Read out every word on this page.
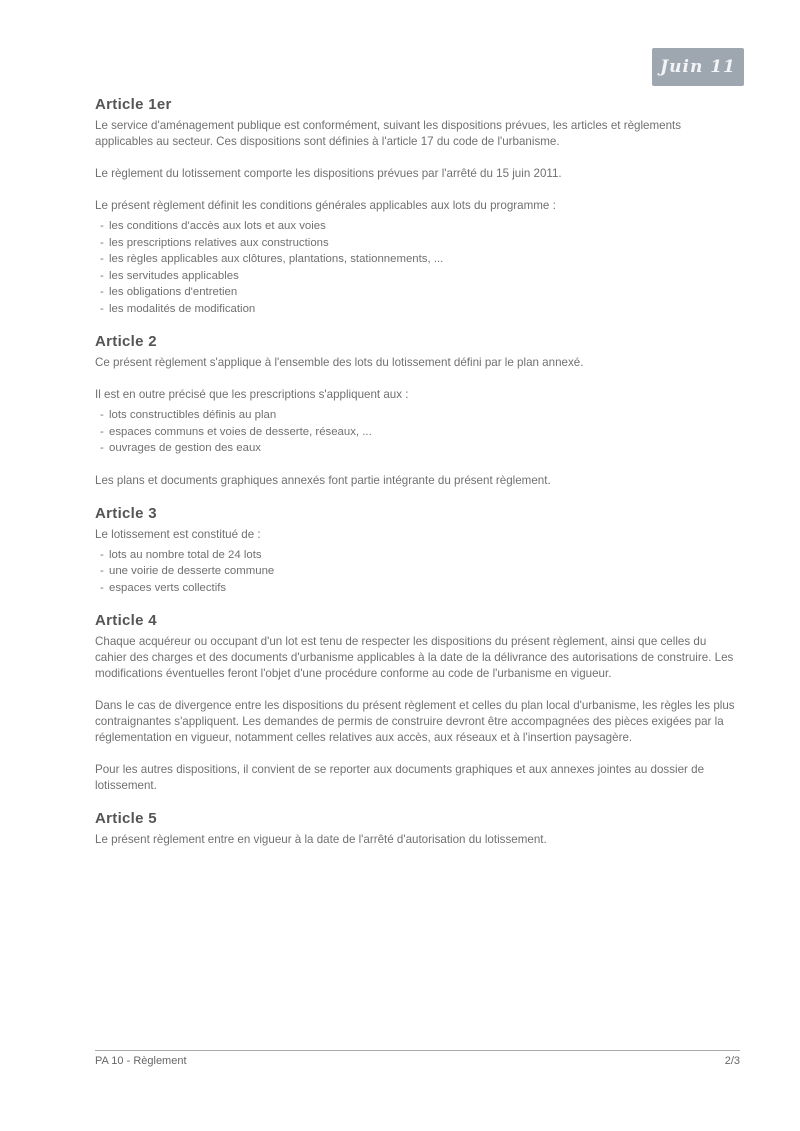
Juin 11
Article 1er

Le service d'aménagement publique est conformément, suivant les dispositions prévues, les articles et règlements applicables au secteur. Ces dispositions sont définies à l'article 17 du code de l'urbanisme.

Le règlement du lotissement comporte les dispositions prévues par l'arrêté du 15 juin 2011.

Le présent règlement définit les conditions générales applicables aux lots du programme :

- les conditions d'accès aux lots et aux voies
- les prescriptions relatives aux constructions
- les règles applicables aux clôtures, plantations, stationnements, ...
- les servitudes applicables
- les obligations d'entretien
- les modalités de modification
Article 2

Ce présent règlement s'applique à l'ensemble des lots du lotissement défini par le plan annexé.

Il est en outre précisé que les prescriptions s'appliquent aux :

- lots constructibles définis au plan
- espaces communs et voies de desserte, réseaux, ...
- ouvrages de gestion des eaux

Les plans et documents graphiques annexés font partie intégrante du présent règlement.

Article 3

Le lotissement est constitué de :

- lots au nombre total de 24 lots
- une voirie de desserte commune
- espaces verts collectifs
Article 4

Chaque acquéreur ou occupant d'un lot est tenu de respecter les dispositions du présent règlement, ainsi que celles du cahier des charges et des documents d'urbanisme applicables à la date de la délivrance des autorisations de construire. Les modifications éventuelles feront l'objet d'une procédure conforme au code de l'urbanisme en vigueur.

Dans le cas de divergence entre les dispositions du présent règlement et celles du plan local d'urbanisme, les règles les plus contraignantes s'appliquent. Les demandes de permis de construire devront être accompagnées des pièces exigées par la réglementation en vigueur, notamment celles relatives aux accès, aux réseaux et à l'insertion paysagère.

Pour les autres dispositions, il convient de se reporter aux documents graphiques et aux annexes jointes au dossier de lotissement.

Article 5

Le présent règlement entre en vigueur à la date de l'arrêté d'autorisation du lotissement.

PA 10 - Règlement	2/3
